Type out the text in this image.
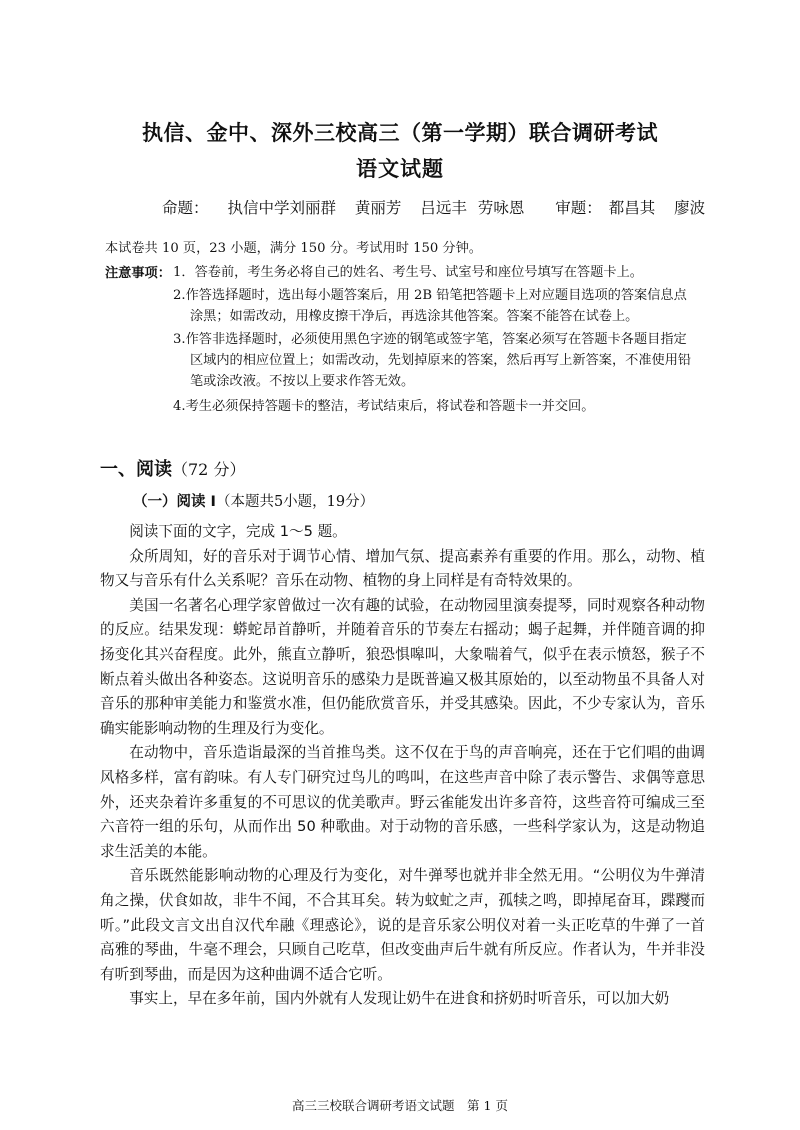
执信、金中、深外三校高三（第一学期）联合调研考试
语文试题
命题： 执信中学刘丽群 黄丽芳 吕远丰 劳咏恩 审题： 都昌其 廖波
本试卷共 10 页，23 小题，满分 150 分。考试用时 150 分钟。
注意事项： 1．答卷前，考生务必将自己的姓名、考生号、试室号和座位号填写在答题卡上。
2.作答选择题时，选出每小题答案后，用 2B 铅笔把答题卡上对应题目选项的答案信息点
涂黑；如需改动，用橡皮擦干净后，再选涂其他答案。答案不能答在试卷上。
3.作答非选择题时，必须使用黑色字迹的钢笔或签字笔，答案必须写在答题卡各题目指定
区域内的相应位置上；如需改动，先划掉原来的答案，然后再写上新答案，不准使用铅
笔或涂改液。不按以上要求作答无效。
4.考生必须保持答题卡的整洁，考试结束后，将试卷和答题卡一并交回。
一、阅读（72 分）
（一）阅读 I（本题共5小题，19分）

阅读下面的文字，完成 1～5 题。

众所周知，好的音乐对于调节心情、增加气氛、提高素养有重要的作用。那么，动物、植物又与音乐有什么关系呢？音乐在动物、植物的身上同样是有奇特效果的。

美国一名著名心理学家曾做过一次有趣的试验，在动物园里演奏提琴，同时观察各种动物的反应。结果发现：蟒蛇昂首静听，并随着音乐的节奏左右摇动；蝎子起舞，并伴随音调的抑扬变化其兴奋程度。此外，熊直立静听，狼恐惧嗥叫，大象喘着气，似乎在表示愤怒，猴子不断点着头做出各种姿态。这说明音乐的感染力是既普遍又极其原始的，以至动物虽不具备人对音乐的那种审美能力和鉴赏水准，但仍能欣赏音乐，并受其感染。因此，不少专家认为，音乐确实能影响动物的生理及行为变化。

在动物中，音乐造诣最深的当首推鸟类。这不仅在于鸟的声音响亮，还在于它们唱的曲调风格多样，富有韵味。有人专门研究过鸟儿的鸣叫，在这些声音中除了表示警告、求偶等意思外，还夹杂着许多重复的不可思议的优美歌声。野云雀能发出许多音符，这些音符可编成三至六音符一组的乐句，从而作出 50 种歌曲。对于动物的音乐感，一些科学家认为，这是动物追求生活美的本能。

音乐既然能影响动物的心理及行为变化，对牛弹琴也就并非全然无用。“公明仪为牛弹清角之操，伏食如故，非牛不闻，不合其耳矣。转为蚊虻之声，孤犊之鸣，即掉尾奋耳，蹀躞而听。”此段文言文出自汉代牟融《理惑论》，说的是音乐家公明仪对着一头正吃草的牛弹了一首高雅的琴曲，牛毫不理会，只顾自己吃草，但改变曲声后牛就有所反应。作者认为，牛并非没有听到琴曲，而是因为这种曲调不适合它听。

事实上，早在多年前，国内外就有人发现让奶牛在进食和挤奶时听音乐，可以加大奶

高三三校联合调研考语文试题　第 1 页
